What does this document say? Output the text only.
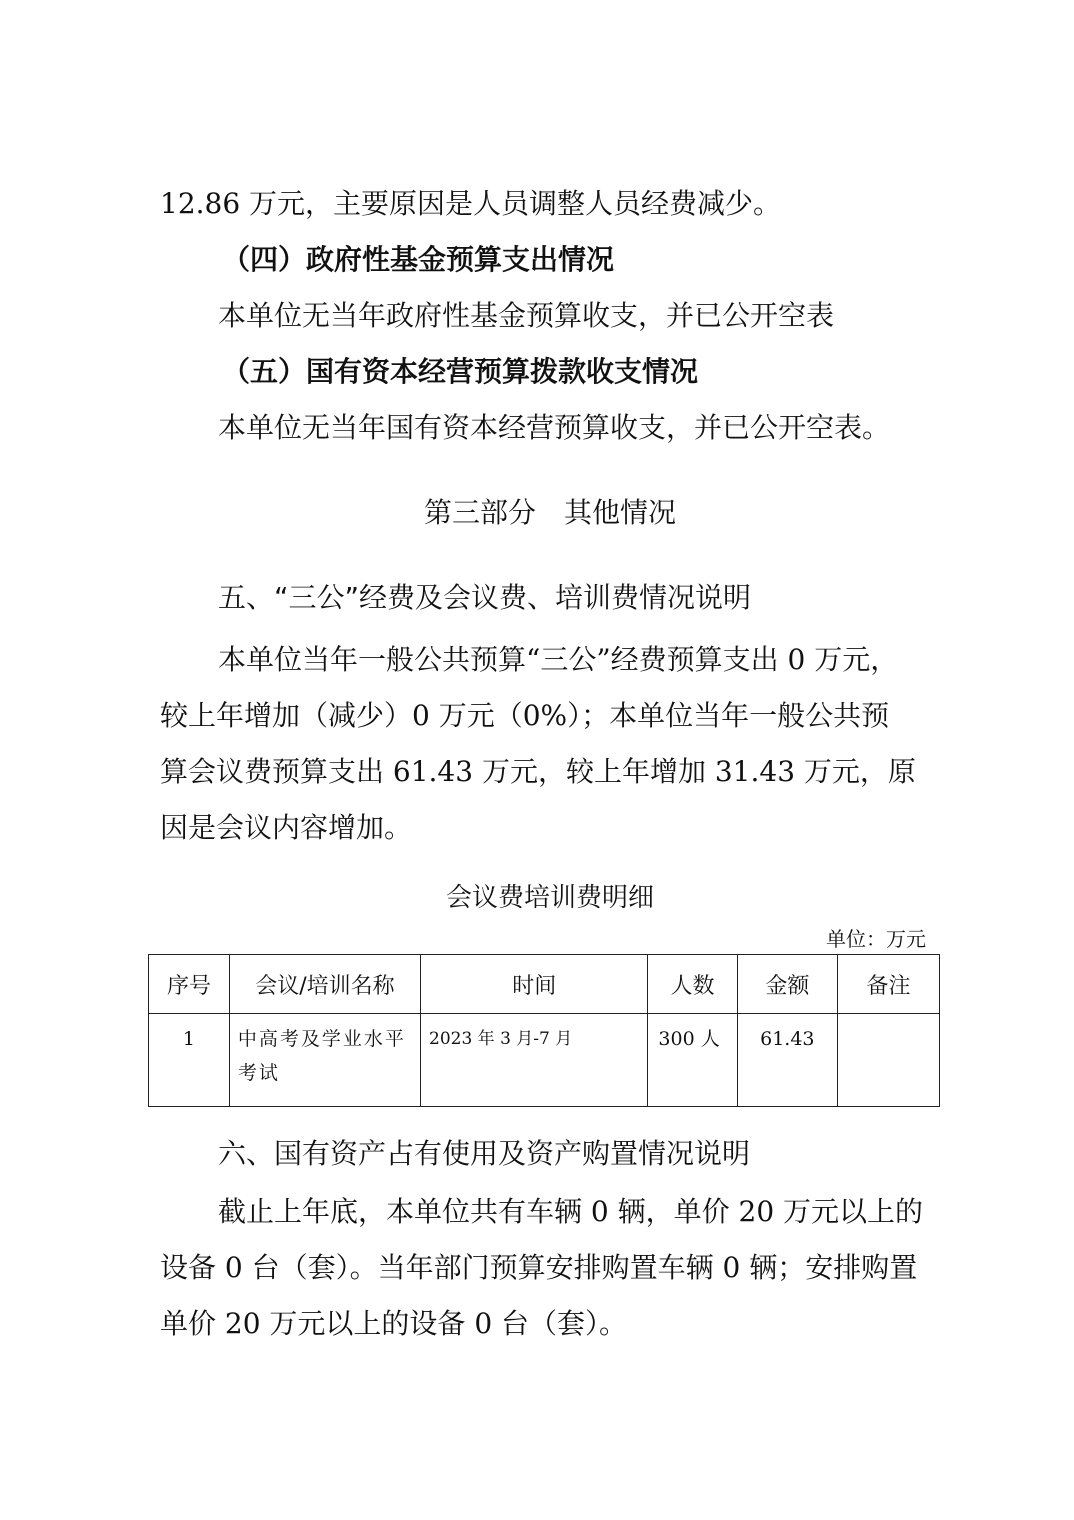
12.86 万元，主要原因是人员调整人员经费减少。
（四）政府性基金预算支出情况
本单位无当年政府性基金预算收支，并已公开空表
（五）国有资本经营预算拨款收支情况
本单位无当年国有资本经营预算收支，并已公开空表。
第三部分　其他情况
五、“三公”经费及会议费、培训费情况说明
本单位当年一般公共预算“三公”经费预算支出 0 万元，
较上年增加（减少）0 万元（0%）；本单位当年一般公共预
算会议费预算支出 61.43 万元，较上年增加 31.43 万元，原
因是会议内容增加。
会议费培训费明细
单位：万元
序号	会议/培训名称	时间	人数	金额	备注
1	中高考及学业水平考试	2023 年 3 月-7 月	300 人	61.43	
六、国有资产占有使用及资产购置情况说明
截止上年底，本单位共有车辆 0 辆，单价 20 万元以上的
设备 0 台（套）。当年部门预算安排购置车辆 0 辆；安排购置
单价 20 万元以上的设备 0 台（套）。
